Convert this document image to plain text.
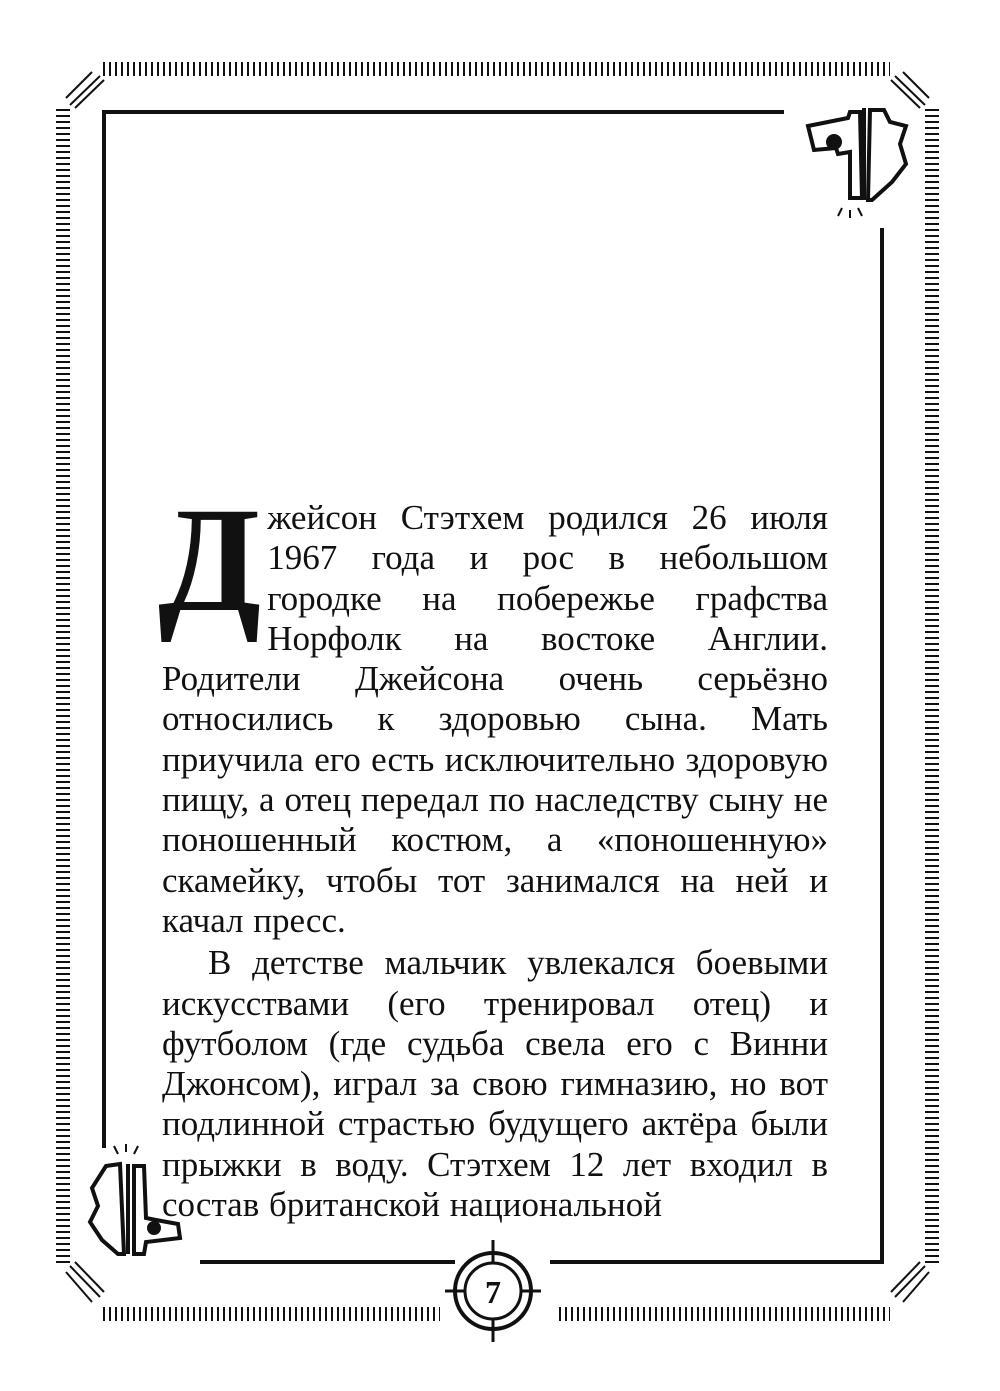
Джейсон Стэтхем родился 26 июля 1967 года и рос в небольшом городке на побережье графства Норфолк на востоке Англии. Родители Джейсона очень серьёзно относились к здоровью сына. Мать приучила его есть исключительно здоровую пищу, а отец передал по наследству сыну не поношенный костюм, а «поношенную» скамейку, чтобы тот занимался на ней и качал пресс.

В детстве мальчик увлекался боевыми искусствами (его тренировал отец) и футболом (где судьба свела его с Винни Джонсом), играл за свою гимназию, но вот подлинной страстью будущего актёра были прыжки в воду. Стэтхем 12 лет входил в состав британской национальной

7
